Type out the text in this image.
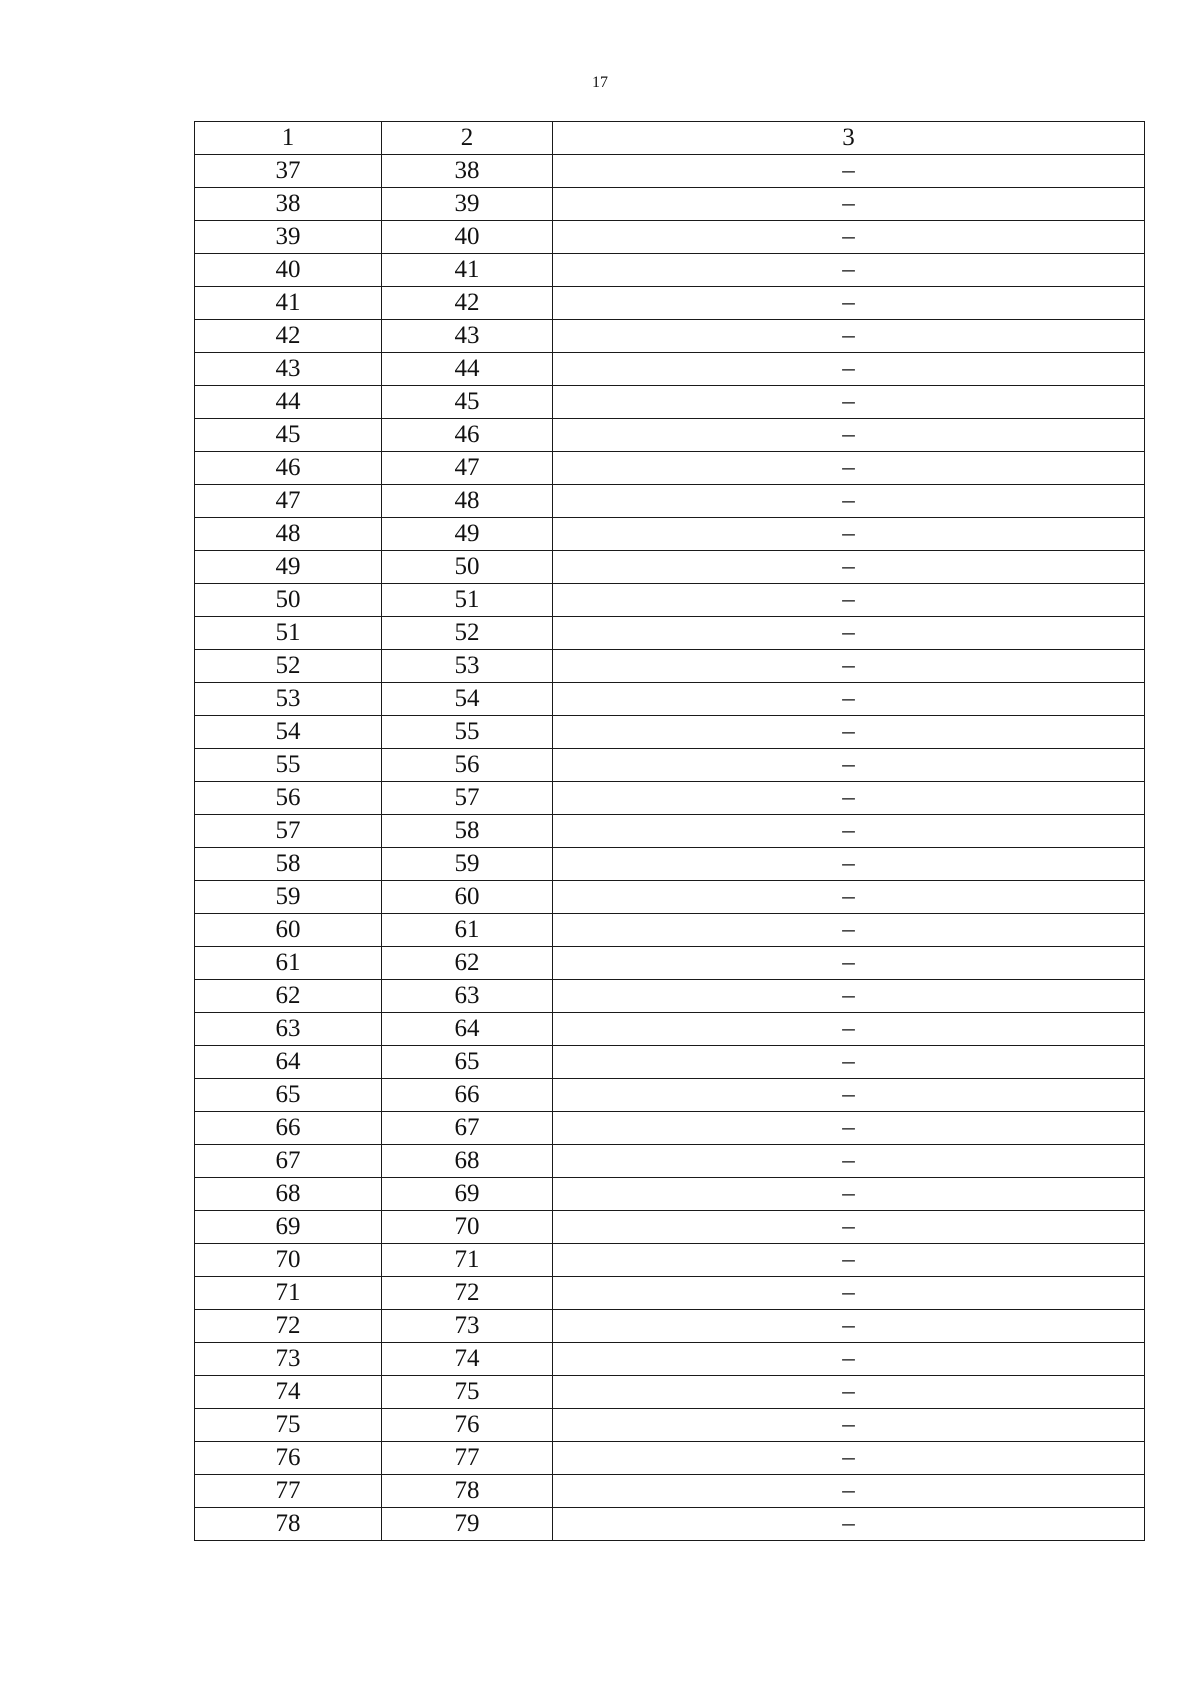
17
1	2	3
37	38	–
38	39	–
39	40	–
40	41	–
41	42	–
42	43	–
43	44	–
44	45	–
45	46	–
46	47	–
47	48	–
48	49	–
49	50	–
50	51	–
51	52	–
52	53	–
53	54	–
54	55	–
55	56	–
56	57	–
57	58	–
58	59	–
59	60	–
60	61	–
61	62	–
62	63	–
63	64	–
64	65	–
65	66	–
66	67	–
67	68	–
68	69	–
69	70	–
70	71	–
71	72	–
72	73	–
73	74	–
74	75	–
75	76	–
76	77	–
77	78	–
78	79	–
